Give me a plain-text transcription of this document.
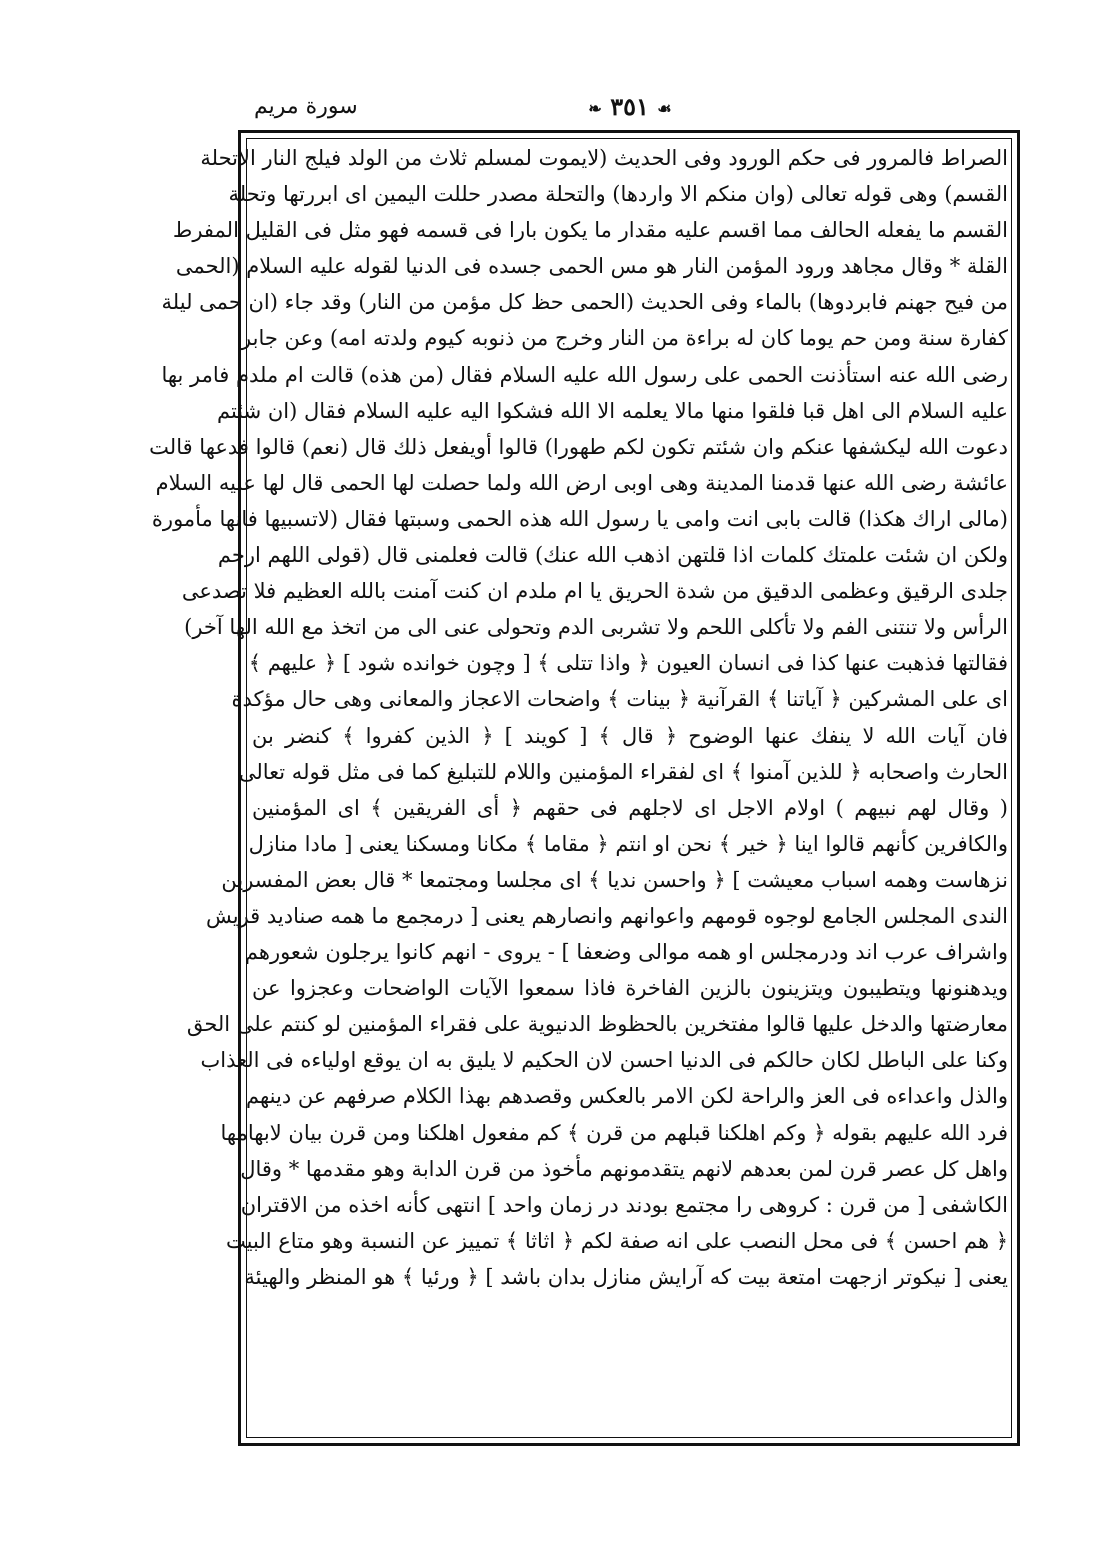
سورة مريم	❧ ٣٥١ ☙
الصراط فالمرور فى حكم الورود وفى الحديث (لايموت لمسلم ثلاث من الولد فيلج النار الاتحلة
القسم) وهى قوله تعالى (وان منكم الا واردها) والتحلة مصدر حللت اليمين اى ابررتها وتحلة
القسم ما يفعله الحالف مما اقسم عليه مقدار ما يكون بارا فى قسمه فهو مثل فى القليل المفرط
القلة * وقال مجاهد ورود المؤمن النار هو مس الحمى جسده فى الدنيا لقوله عليه السلام (الحمى
من فيح جهنم فابردوها) بالماء وفى الحديث (الحمى حظ كل مؤمن من النار) وقد جاء (ان حمى ليلة
كفارة سنة ومن حم يوما كان له براءة من النار وخرج من ذنوبه كيوم ولدته امه) وعن جابر
رضى الله عنه استأذنت الحمى على رسول الله عليه السلام فقال (من هذه) قالت ام ملدم فامر بها
عليه السلام الى اهل قبا فلقوا منها مالا يعلمه الا الله فشكوا اليه عليه السلام فقال (ان شئتم
دعوت الله ليكشفها عنكم وان شئتم تكون لكم طهورا) قالوا أويفعل ذلك قال (نعم) قالوا فدعها قالت
عائشة رضى الله عنها قدمنا المدينة وهى اوبى ارض الله ولما حصلت لها الحمى قال لها عليه السلام
(مالى اراك هكذا) قالت بابى انت وامى يا رسول الله هذه الحمى وسبتها فقال (لاتسبيها فانها مأمورة
ولكن ان شئت علمتك كلمات اذا قلتهن اذهب الله عنك) قالت فعلمنى قال (قولى اللهم ارحم
جلدى الرقيق وعظمى الدقيق من شدة الحريق يا ام ملدم ان كنت آمنت بالله العظيم فلا تصدعى
الرأس ولا تنتنى الفم ولا تأكلى اللحم ولا تشربى الدم وتحولى عنى الى من اتخذ مع الله الها آخر)
فقالتها فذهبت عنها كذا فى انسان العيون ﴿ واذا تتلى ﴾ [ وچون خوانده شود ] ﴿ عليهم ﴾
اى على المشركين ﴿ آياتنا ﴾ القرآنية ﴿ بينات ﴾ واضحات الاعجاز والمعانى وهى حال مؤكدة
فان آيات الله لا ينفك عنها الوضوح ﴿ قال ﴾ [ كويند ] ﴿ الذين كفروا ﴾ كنضر بن
الحارث واصحابه ﴿ للذين آمنوا ﴾ اى لفقراء المؤمنين واللام للتبليغ كما فى مثل قوله تعالى
( وقال لهم نبيهم ) اولام الاجل اى لاجلهم فى حقهم ﴿ أى الفريقين ﴾ اى المؤمنين
والكافرين كأنهم قالوا اينا ﴿ خير ﴾ نحن او انتم ﴿ مقاما ﴾ مكانا ومسكنا يعنى [ مادا منازل
نزهاست وهمه اسباب معيشت ] ﴿ واحسن نديا ﴾ اى مجلسا ومجتمعا * قال بعض المفسرين
الندى المجلس الجامع لوجوه قومهم واعوانهم وانصارهم يعنى [ درمجمع ما همه صناديد قريش
واشراف عرب اند ودرمجلس او همه موالى وضعفا ] - يروى - انهم كانوا يرجلون شعورهم
ويدهنونها ويتطيبون ويتزينون بالزين الفاخرة فاذا سمعوا الآيات الواضحات وعجزوا عن
معارضتها والدخل عليها قالوا مفتخرين بالحظوظ الدنيوية على فقراء المؤمنين لو كنتم على الحق
وكنا على الباطل لكان حالكم فى الدنيا احسن لان الحكيم لا يليق به ان يوقع اولياءه فى العذاب
والذل واعداءه فى العز والراحة لكن الامر بالعكس وقصدهم بهذا الكلام صرفهم عن دينهم
فرد الله عليهم بقوله ﴿ وكم اهلكنا قبلهم من قرن ﴾ كم مفعول اهلكنا ومن قرن بيان لابهامها
واهل كل عصر قرن لمن بعدهم لانهم يتقدمونهم مأخوذ من قرن الدابة وهو مقدمها * وقال
الكاشفى [ من قرن : كروهى را مجتمع بودند در زمان واحد ] انتهى كأنه اخذه من الاقتران
﴿ هم احسن ﴾ فى محل النصب على انه صفة لكم ﴿ اثاثا ﴾ تمييز عن النسبة وهو متاع البيت
يعنى [ نيكوتر ازجهت امتعة بيت كه آرايش منازل بدان باشد ] ﴿ ورئيا ﴾ هو المنظر والهيئة
